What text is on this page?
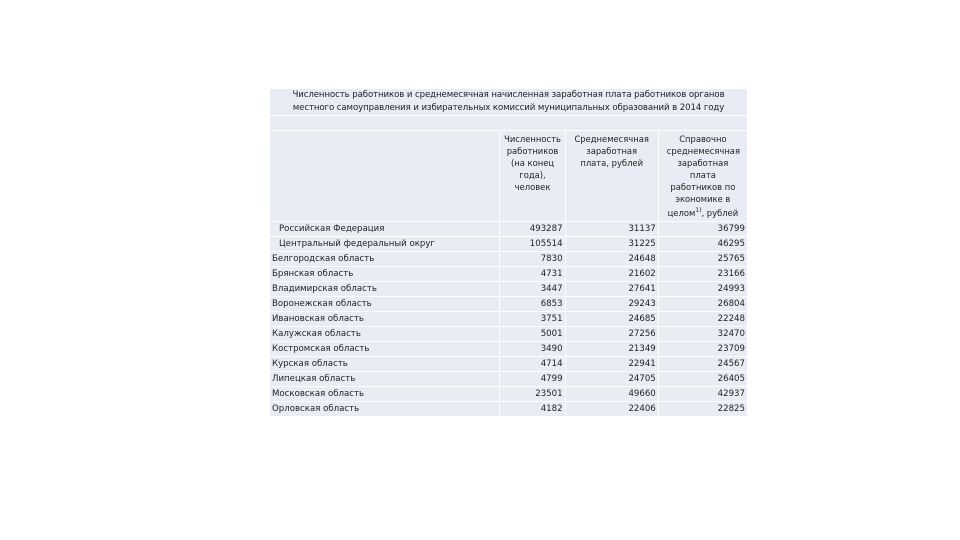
Численность работников и среднемесячная начисленная заработная плата работников органов
местного самоуправления и избирательных комиссий муниципальных образований в 2014 году
	Численность работников (на конец года), человек	Среднемесячная заработная плата, рублей	Справочно среднемесячная заработная плата работников по экономике в целом$^{1)}$, рублей
Российская Федерация	493287	31137	36799
Центральный федеральный округ	105514	31225	46295
Белгородская область	7830	24648	25765
Брянская область	4731	21602	23166
Владимирская область	3447	27641	24993
Воронежская область	6853	29243	26804
Ивановская область	3751	24685	22248
Калужская область	5001	27256	32470
Костромская область	3490	21349	23709
Курская область	4714	22941	24567
Липецкая область	4799	24705	26405
Московская область	23501	49660	42937
Орловская область	4182	22406	22825
